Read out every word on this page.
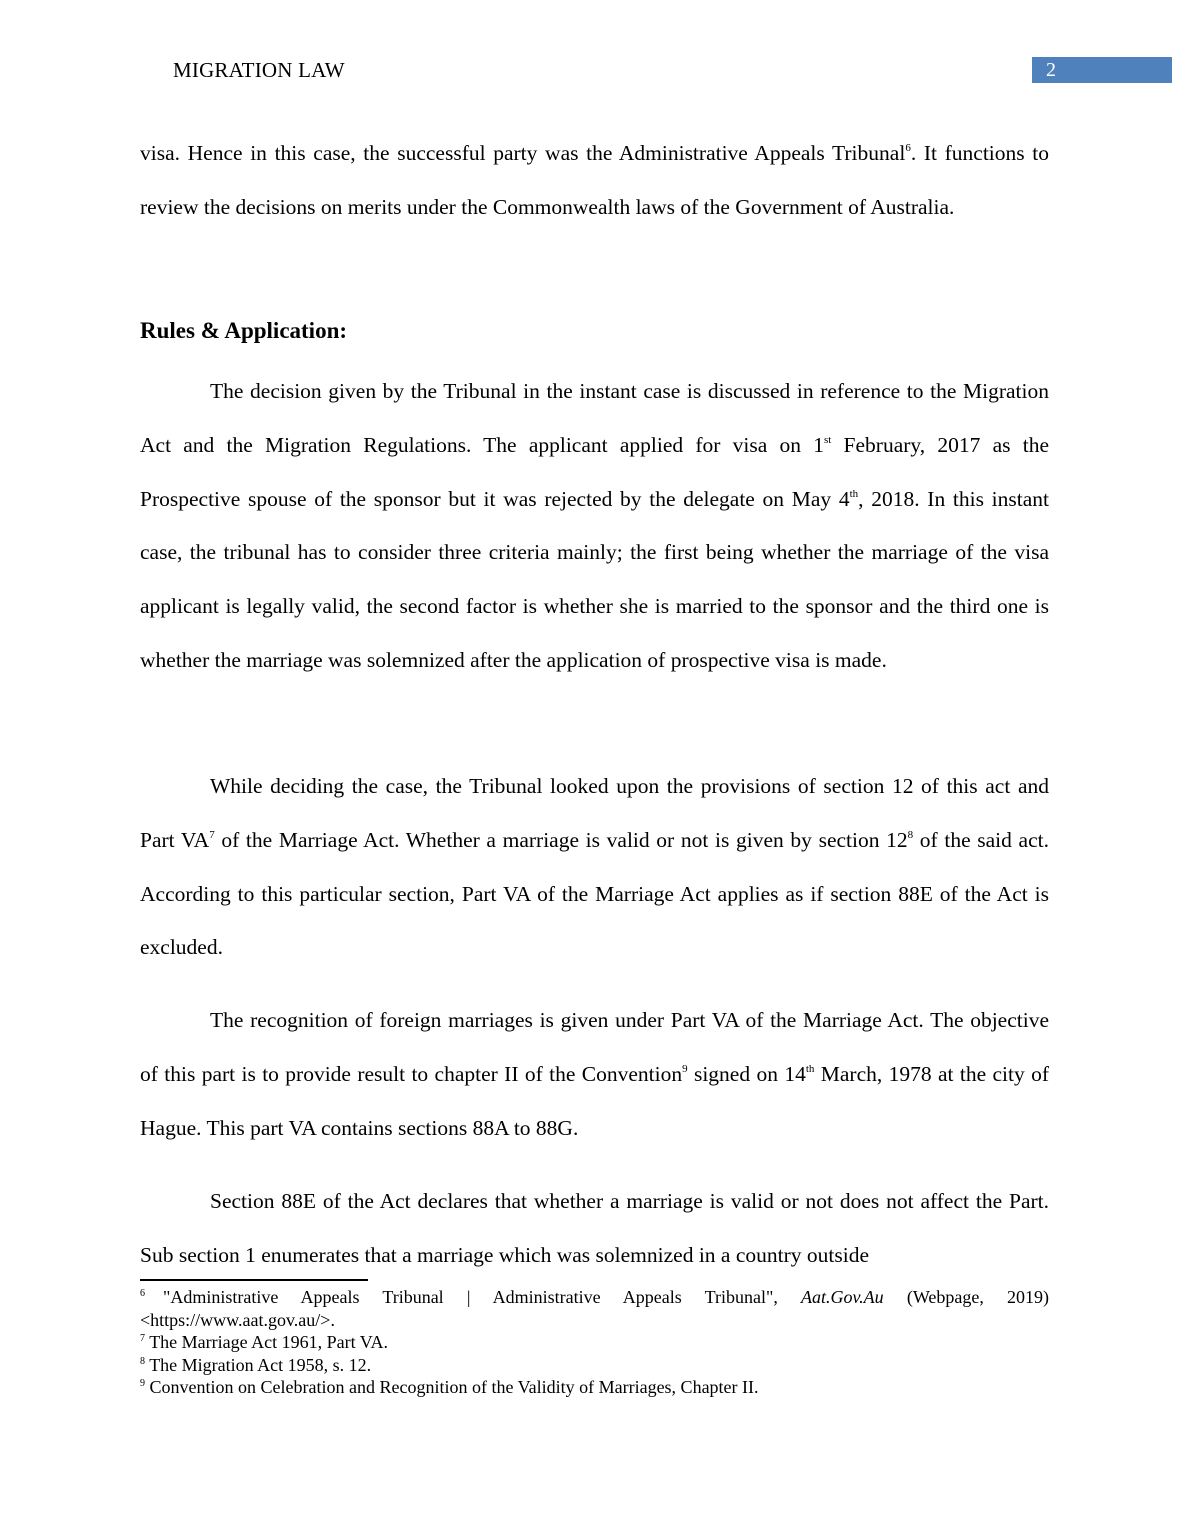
MIGRATION LAW	2

visa. Hence in this case, the successful party was the Administrative Appeals Tribunal$^6$. It functions to review the decisions on merits under the Commonwealth laws of the Government of Australia.

Rules & Application:

The decision given by the Tribunal in the instant case is discussed in reference to the Migration Act and the Migration Regulations. The applicant applied for visa on 1st February, 2017 as the Prospective spouse of the sponsor but it was rejected by the delegate on May 4th, 2018. In this instant case, the tribunal has to consider three criteria mainly; the first being whether the marriage of the visa applicant is legally valid, the second factor is whether she is married to the sponsor and the third one is whether the marriage was solemnized after the application of prospective visa is made.

While deciding the case, the Tribunal looked upon the provisions of section 12 of this act and Part $VA^7$ of the Marriage Act. Whether a marriage is valid or not is given by section $12^8$ of the said act. According to this particular section, Part VA of the Marriage Act applies as if section 88E of the Act is excluded.

The recognition of foreign marriages is given under Part VA of the Marriage Act. The objective of this part is to provide result to chapter II of the Convention$^9$ signed on 14th March, 1978 at the city of Hague. This part VA contains sections 88A to 88G.

Section 88E of the Act declares that whether a marriage is valid or not does not affect the Part. Sub section 1 enumerates that a marriage which was solemnized in a country outside

$^6$ "Administrative Appeals Tribunal | Administrative Appeals Tribunal", Aat.Gov.Au (Webpage, 2019) <https://www.aat.gov.au/>.

$^7$ The Marriage Act 1961, Part VA.

$^8$ The Migration Act 1958, s. 12.

$^9$ Convention on Celebration and Recognition of the Validity of Marriages, Chapter II.
